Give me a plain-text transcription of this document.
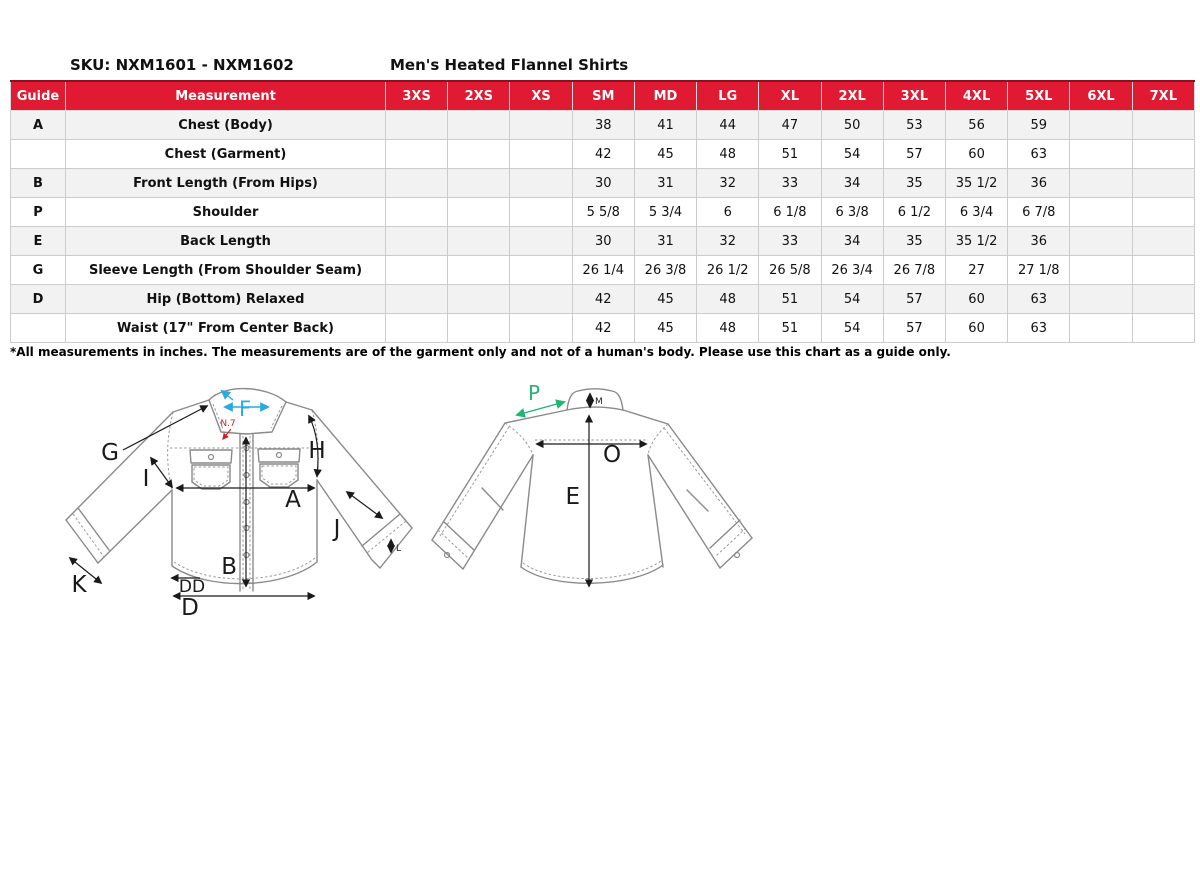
SKU: NXM1601 - NXM1602	Men's Heated Flannel Shirts
Guide	Measurement	3XS	2XS	XS	SM	MD	LG	XL	2XL	3XL	4XL	5XL	6XL	7XL
A	Chest (Body)				38	41	44	47	50	53	56	59		
	Chest (Garment)				42	45	48	51	54	57	60	63		
B	Front Length (From Hips)				30	31	32	33	34	35	35 1/2	36		
P	Shoulder				5 5/8	5 3/4	6	6 1/8	6 3/8	6 1/2	6 3/4	6 7/8		
E	Back Length				30	31	32	33	34	35	35 1/2	36		
G	Sleeve Length (From Shoulder Seam)				26 1/4	26 3/8	26 1/2	26 5/8	26 3/4	26 7/8	27	27 1/8		
D	Hip (Bottom) Relaxed				42	45	48	51	54	57	60	63		
	Waist (17" From Center Back)				42	45	48	51	54	57	60	63		
*All measurements in inches. The measurements are of the garment only and not of a human's body. Please use this chart as a guide only.
F
N.7
G
I
H
A
B
J
K
L
DD
D
P	M
O
E
